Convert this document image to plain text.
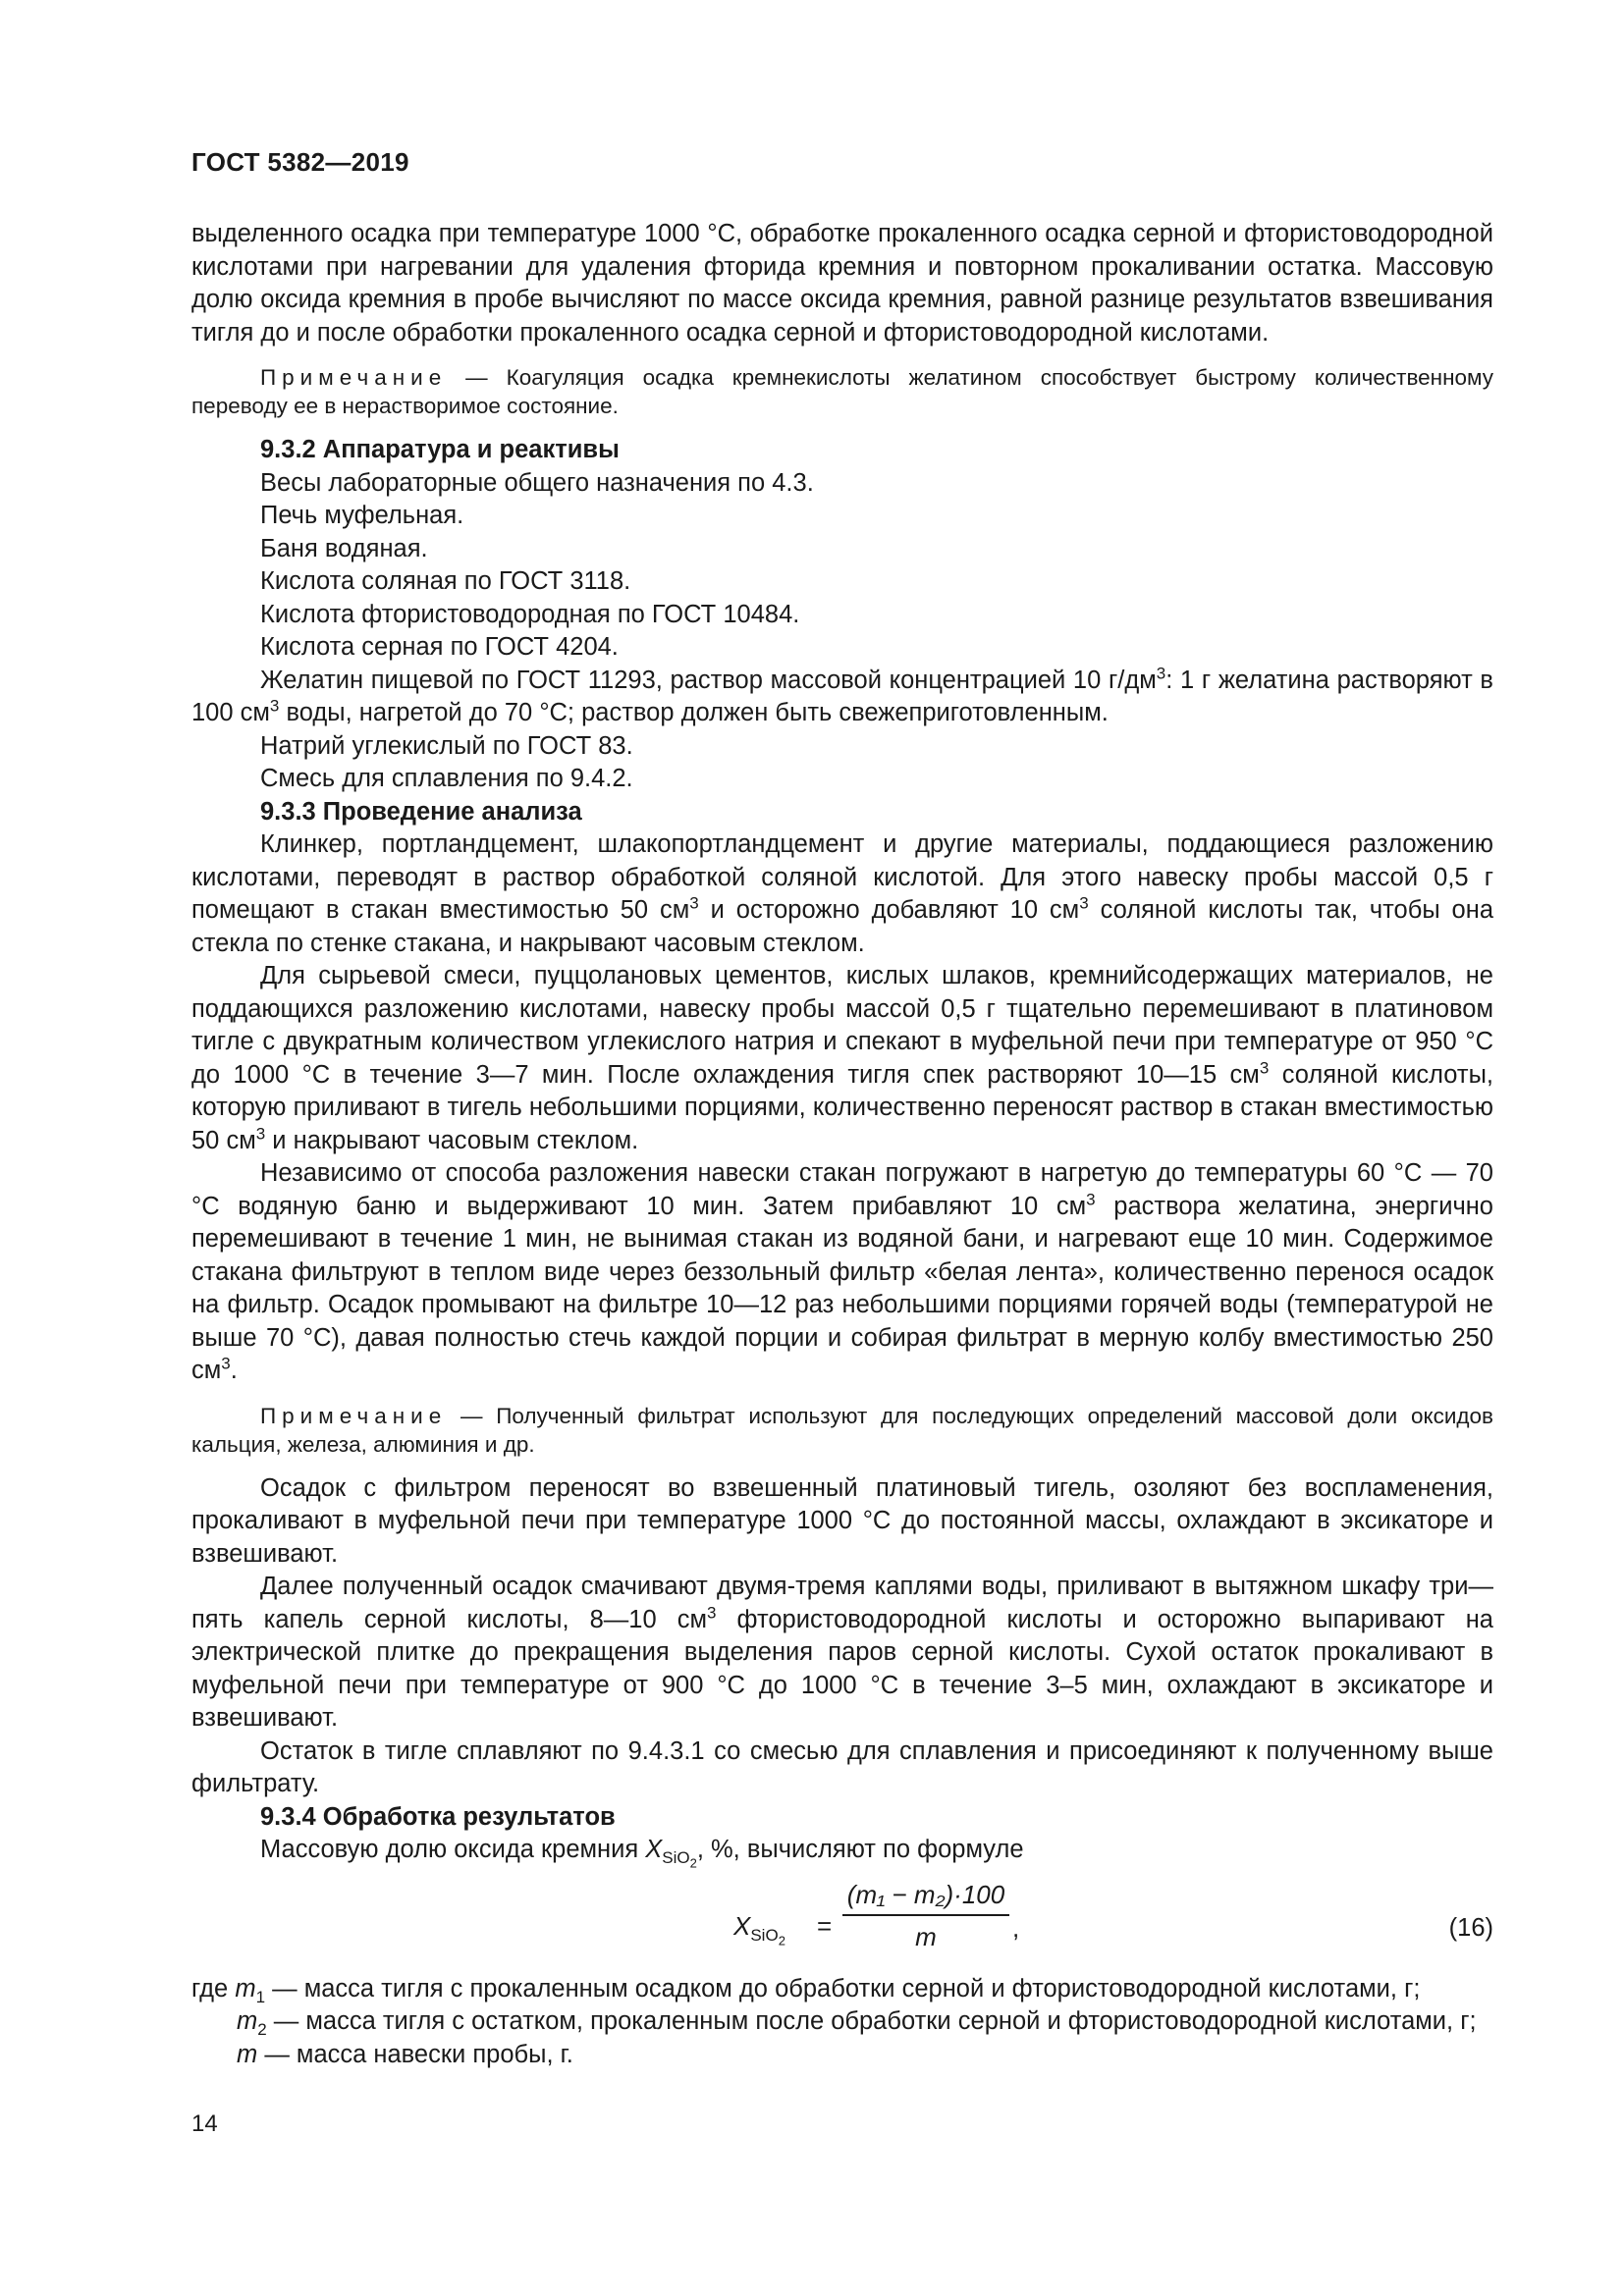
ГОСТ 5382—2019

выделенного осадка при температуре 1000 °С, обработке прокаленного осадка серной и фтористоводородной кислотами при нагревании для удаления фторида кремния и повторном прокаливании остатка. Массовую долю оксида кремния в пробе вычисляют по массе оксида кремния, равной разнице результатов взвешивания тигля до и после обработки прокаленного осадка серной и фтористоводородной кислотами.

Примечание — Коагуляция осадка кремнекислоты желатином способствует быстрому количественному переводу ее в нерастворимое состояние.

9.3.2 Аппаратура и реактивы

Весы лабораторные общего назначения по 4.3.

Печь муфельная.

Баня водяная.

Кислота соляная по ГОСТ 3118.

Кислота фтористоводородная по ГОСТ 10484.

Кислота серная по ГОСТ 4204.

Желатин пищевой по ГОСТ 11293, раствор массовой концентрацией 10 $г/дм^3$: 1 г желатина растворяют в 100 $см^3$ воды, нагретой до 70 °С; раствор должен быть свежеприготовленным.

Натрий углекислый по ГОСТ 83.

Смесь для сплавления по 9.4.2.

9.3.3 Проведение анализа

Клинкер, портландцемент, шлакопортландцемент и другие материалы, поддающиеся разложению кислотами, переводят в раствор обработкой соляной кислотой. Для этого навеску пробы массой 0,5 г помещают в стакан вместимостью 50 $см^3$ и осторожно добавляют 10 $см^3$ соляной кислоты так, чтобы она стекла по стенке стакана, и накрывают часовым стеклом.

Для сырьевой смеси, пуццолановых цементов, кислых шлаков, кремнийсодержащих материалов, не поддающихся разложению кислотами, навеску пробы массой 0,5 г тщательно перемешивают в платиновом тигле с двукратным количеством углекислого натрия и спекают в муфельной печи при температуре от 950 °С до 1000 °С в течение 3—7 мин. После охлаждения тигля спек растворяют 10—15 $см^3$ соляной кислоты, которую приливают в тигель небольшими порциями, количественно переносят раствор в стакан вместимостью 50 $см^3$ и накрывают часовым стеклом.

Независимо от способа разложения навески стакан погружают в нагретую до температуры 60 °С — 70 °С водяную баню и выдерживают 10 мин. Затем прибавляют 10 $см^3$ раствора желатина, энергично перемешивают в течение 1 мин, не вынимая стакан из водяной бани, и нагревают еще 10 мин. Содержимое стакана фильтруют в теплом виде через беззольный фильтр «белая лента», количественно перенося осадок на фильтр. Осадок промывают на фильтре 10—12 раз небольшими порциями горячей воды (температурой не выше 70 °С), давая полностью стечь каждой порции и собирая фильтрат в мерную колбу вместимостью 250 $см^3$.

Примечание — Полученный фильтрат используют для последующих определений массовой доли оксидов кальция, железа, алюминия и др.

Осадок с фильтром переносят во взвешенный платиновый тигель, озоляют без воспламенения, прокаливают в муфельной печи при температуре 1000 °С до постоянной массы, охлаждают в эксикаторе и взвешивают.

Далее полученный осадок смачивают двумя-тремя каплями воды, приливают в вытяжном шкафу три—пять капель серной кислоты, 8—10 $см^3$ фтористоводородной кислоты и осторожно выпаривают на электрической плитке до прекращения выделения паров серной кислоты. Сухой остаток прокаливают в муфельной печи при температуре от 900 °С до 1000 °С в течение 3–5 мин, охлаждают в эксикаторе и взвешивают.

Остаток в тигле сплавляют по 9.4.3.1 со смесью для сплавления и присоединяют к полученному выше фильтрату.

9.3.4 Обработка результатов

Массовую долю оксида кремния $X_{SiO_2}$, %, вычисляют по формуле

$X_{SiO_2}$
=
(m₁ − m₂)·100
m	,	(16)

где $m_1$ — масса тигля с прокаленным осадком до обработки серной и фтористоводородной кислотами, г;

$m_2$ — масса тигля с остатком, прокаленным после обработки серной и фтористоводородной кислотами, г;

m — масса навески пробы, г.

14
